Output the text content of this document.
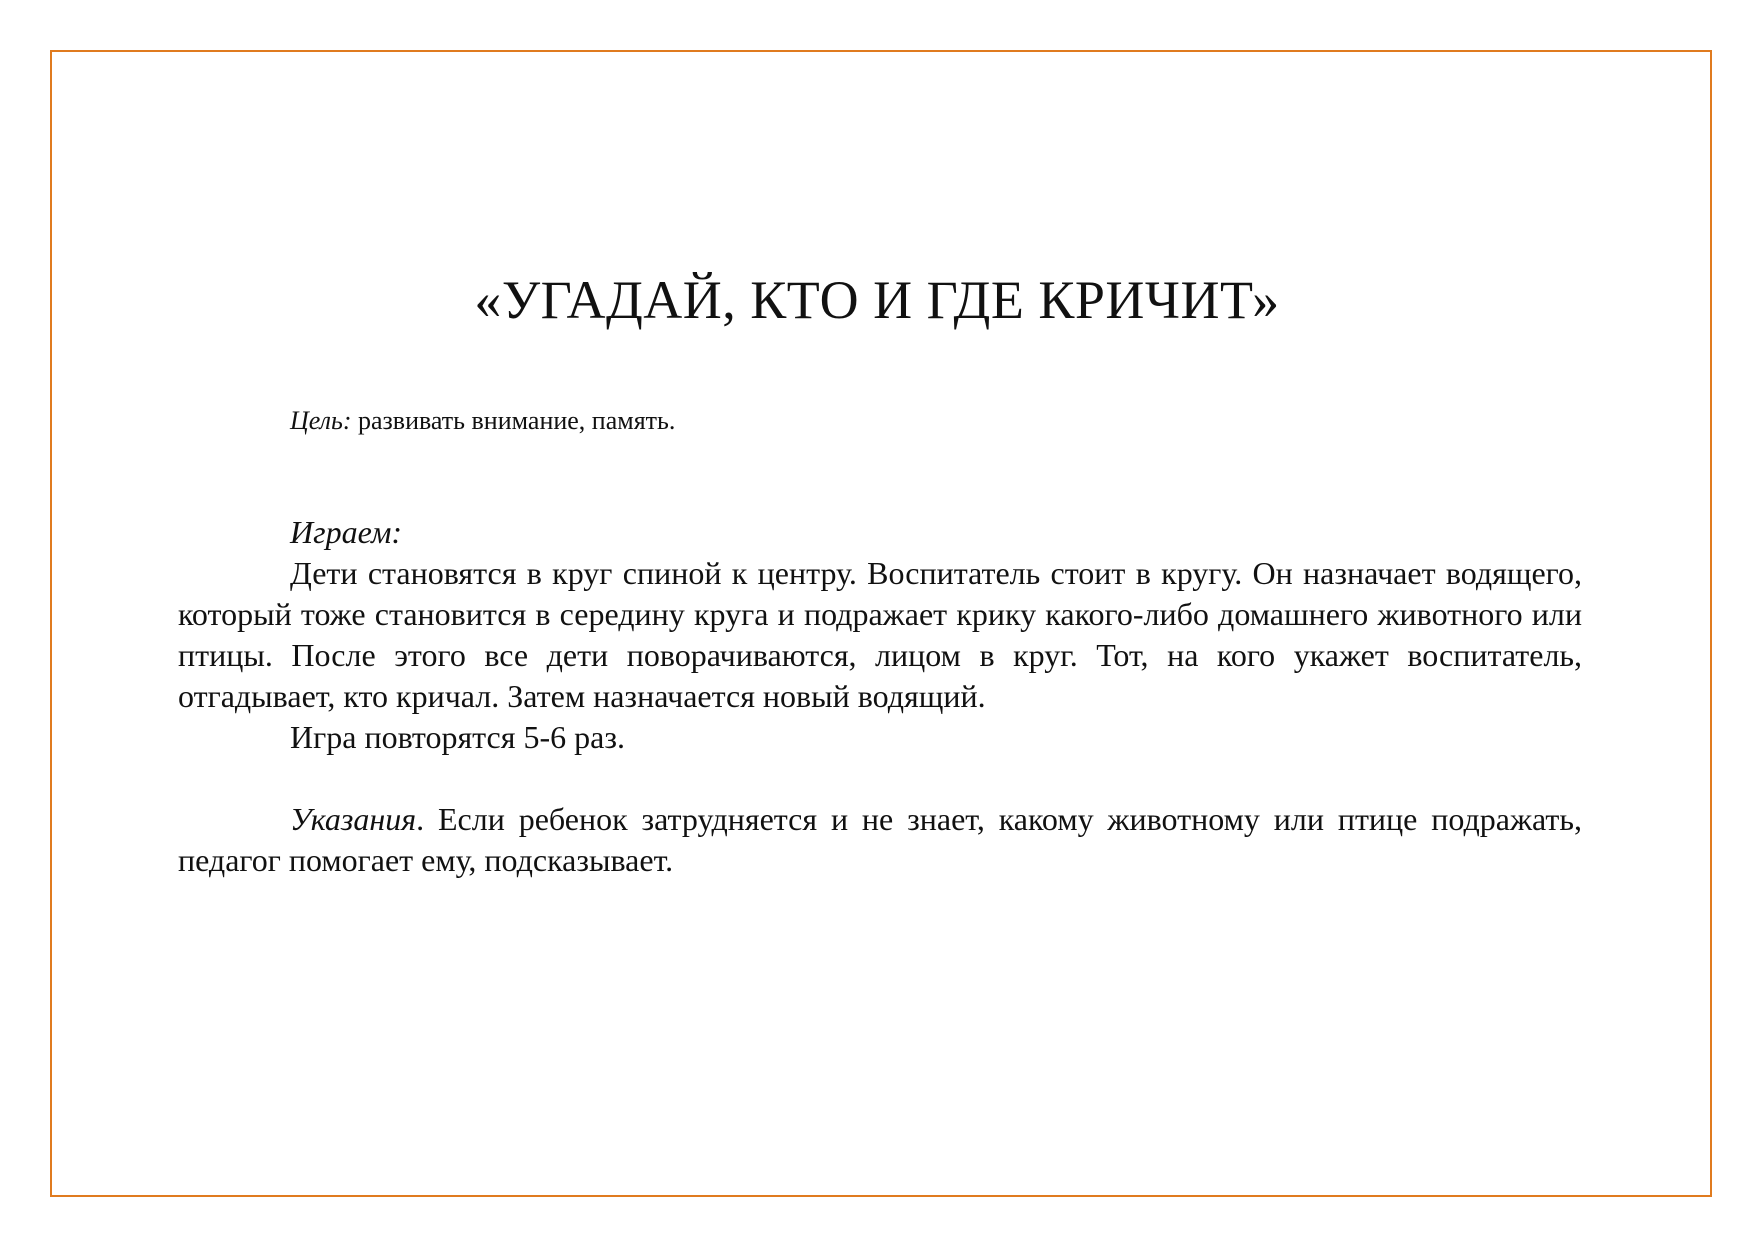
«УГАДАЙ, КТО И ГДЕ КРИЧИТ»

Цель: развивать внимание, память.

Играем:

Дети становятся в круг спиной к центру. Воспитатель стоит в кругу. Он назначает водящего, который тоже становится в середину круга и подражает крику какого-либо домашнего животного или птицы. После этого все дети поворачиваются, лицом в круг. Тот, на кого укажет воспитатель, отгадывает, кто кричал. Затем назначается новый водящий.

Игра повторятся 5-6 раз.

Указания. Если ребенок затрудняется и не знает, какому животному или птице подражать, педагог помогает ему, подсказывает.
